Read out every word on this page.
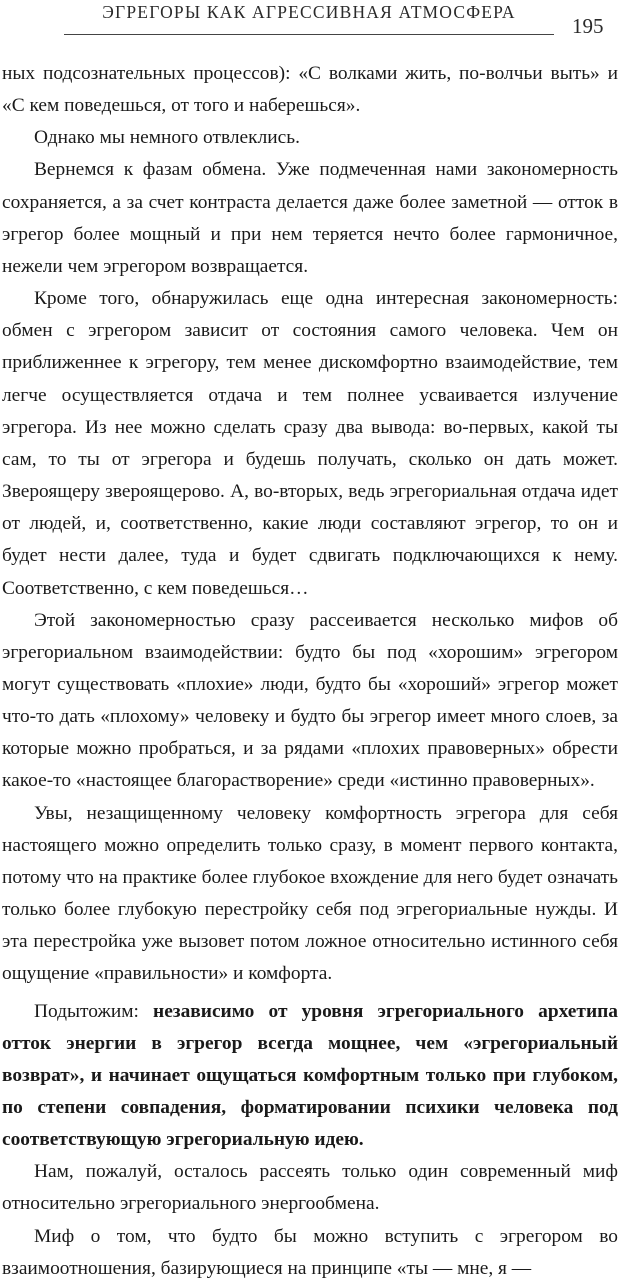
ЭГРЕГОРЫ КАК АГРЕССИВНАЯ АТМОСФЕРА
195

ных подсознательных процессов): «С волками жить, по-волчьи выть» и «С кем поведешься, от того и наберешься».

Однако мы немного отвлеклись.

Вернемся к фазам обмена. Уже подмеченная нами закономерность сохраняется, а за счет контраста делается даже более заметной — отток в эгрегор более мощный и при нем теряется нечто более гармоничное, нежели чем эгрегором возвращается.

Кроме того, обнаружилась еще одна интересная закономерность: обмен с эгрегором зависит от состояния самого человека. Чем он приближеннее к эгрегору, тем менее дискомфортно взаимодействие, тем легче осуществляется отдача и тем полнее усваивается излучение эгрегора. Из нее можно сделать сразу два вывода: во-первых, какой ты сам, то ты от эгрегора и будешь получать, сколько он дать может. Звероящеру звероящерово. А, во-вторых, ведь эгрегориальная отдача идет от людей, и, соответственно, какие люди составляют эгрегор, то он и будет нести далее, туда и будет сдвигать подключающихся к нему. Соответственно, с кем поведешься…

Этой закономерностью сразу рассеивается несколько мифов об эгрегориальном взаимодействии: будто бы под «хорошим» эгрегором могут существовать «плохие» люди, будто бы «хороший» эгрегор может что-то дать «плохому» человеку и будто бы эгрегор имеет много слоев, за которые можно пробраться, и за рядами «плохих правоверных» обрести какое-то «настоящее благорастворение» среди «истинно правоверных».

Увы, незащищенному человеку комфортность эгрегора для себя настоящего можно определить только сразу, в момент первого контакта, потому что на практике более глубокое вхождение для него будет означать только более глубокую перестройку себя под эгрегориальные нужды. И эта перестройка уже вызовет потом ложное относительно истинного себя ощущение «правильности» и комфорта.

Подытожим: независимо от уровня эгрегориального архетипа отток энергии в эгрегор всегда мощнее, чем «эгрегориальный возврат», и начинает ощущаться комфортным только при глубоком, по степени совпадения, форматировании психики человека под соответствующую эгрегориальную идею.

Нам, пожалуй, осталось рассеять только один современный миф относительно эгрегориального энергообмена.

Миф о том, что будто бы можно вступить с эгрегором во взаимоотношения, базирующиеся на принципе «ты — мне, я —
